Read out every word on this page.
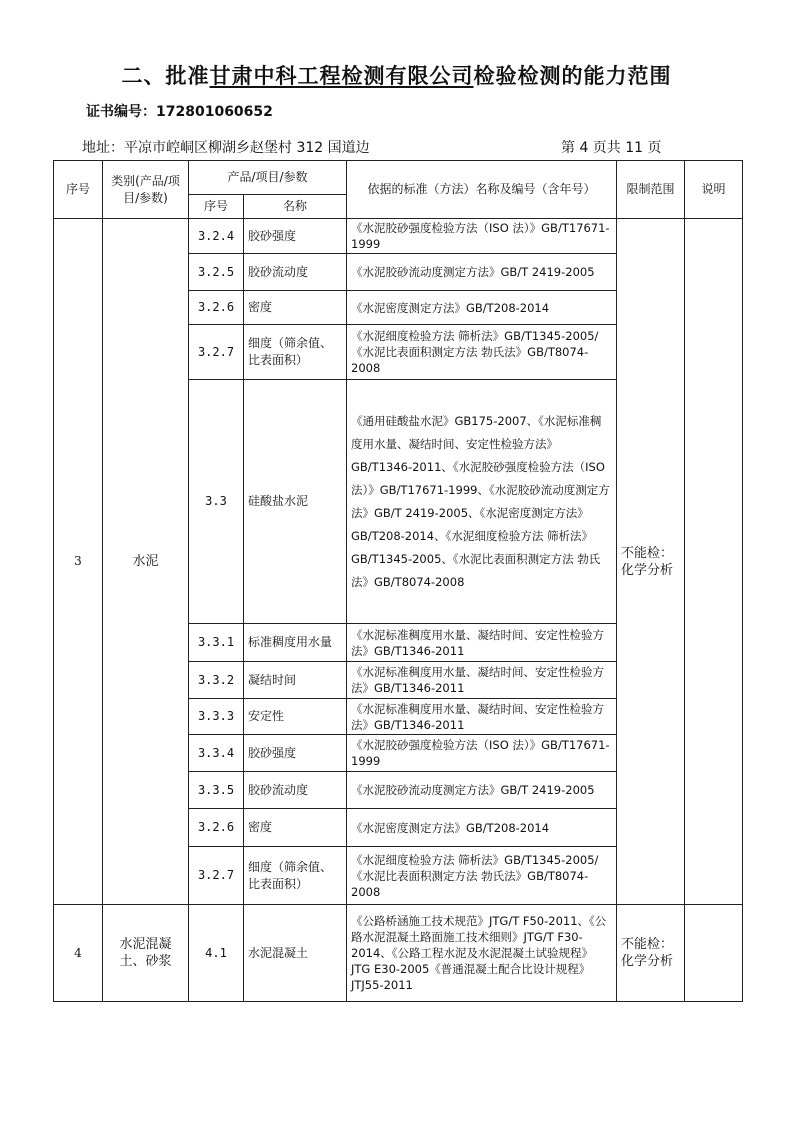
二、批准甘肃中科工程检测有限公司检验检测的能力范围
证书编号：172801060652
地址：平凉市崆峒区柳湖乡赵堡村 312 国道边	第 4 页共 11 页
序号	类别(产品/项目/参数)	产品/项目/参数		依据的标准（方法）名称及编号（含年号）	限制范围	说明
		序号	名称			
3	水泥	3.2.4	胶砂强度	《水泥胶砂强度检验方法（ISO 法）》GB/T17671-1999	不能检：化学分析	
		3.2.5	胶砂流动度	《水泥胶砂流动度测定方法》GB/T 2419-2005		
		3.2.6	密度	《水泥密度测定方法》GB/T208-2014		
		3.2.7	细度（筛余值、比表面积）	《水泥细度检验方法 筛析法》GB/T1345-2005/《水泥比表面积测定方法 勃氏法》GB/T8074-2008		
		3.3	硅酸盐水泥	《通用硅酸盐水泥》GB175-2007、《水泥标准稠度用水量、凝结时间、安定性检验方法》GB/T1346-2011、《水泥胶砂强度检验方法（ISO法）》GB/T17671-1999、《水泥胶砂流动度测定方法》GB/T 2419-2005、《水泥密度测定方法》GB/T208-2014、《水泥细度检验方法 筛析法》GB/T1345-2005、《水泥比表面积测定方法 勃氏法》GB/T8074-2008		
		3.3.1	标准稠度用水量	《水泥标准稠度用水量、凝结时间、安定性检验方法》GB/T1346-2011		
		3.3.2	凝结时间	《水泥标准稠度用水量、凝结时间、安定性检验方法》GB/T1346-2011		
		3.3.3	安定性	《水泥标准稠度用水量、凝结时间、安定性检验方法》GB/T1346-2011		
		3.3.4	胶砂强度	《水泥胶砂强度检验方法（ISO 法）》GB/T17671-1999		
		3.3.5	胶砂流动度	《水泥胶砂流动度测定方法》GB/T 2419-2005		
		3.2.6	密度	《水泥密度测定方法》GB/T208-2014		
		3.2.7	细度（筛余值、比表面积）	《水泥细度检验方法 筛析法》GB/T1345-2005/《水泥比表面积测定方法 勃氏法》GB/T8074-2008		
4	水泥混凝土、砂浆	4.1	水泥混凝土	《公路桥涵施工技术规范》JTG/T F50-2011、《公路水泥混凝土路面施工技术细则》JTG/T F30-2014、《公路工程水泥及水泥混凝土试验规程》JTG E30-2005《普通混凝土配合比设计规程》JTJ55-2011	不能检：化学分析	
